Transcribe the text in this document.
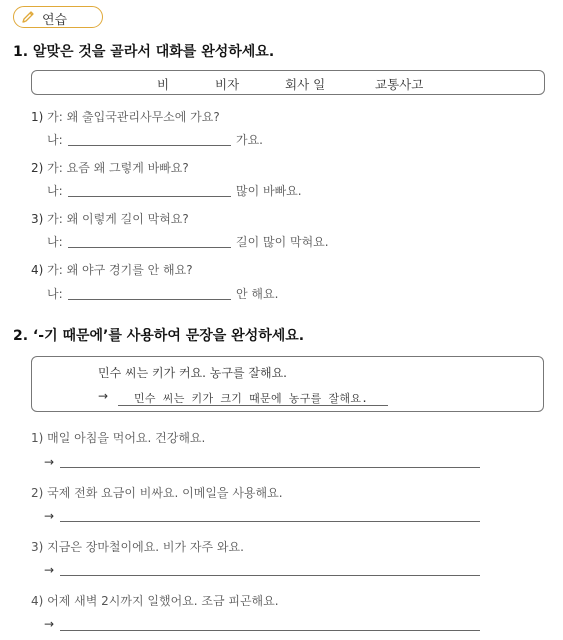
연습
1. 알맞은 것을 골라서 대화를 완성하세요.
비	비자	회사 일	교통사고
1) 가: 왜 출입국관리사무소에 가요?
나:	가요.
2) 가: 요즘 왜 그렇게 바빠요?
나:	많이 바빠요.
3) 가: 왜 이렇게 길이 막혀요?
나:	길이 많이 막혀요.
4) 가: 왜 야구 경기를 안 해요?
나:	안 해요.
2. ‘-기 때문에’를 사용하여 문장을 완성하세요.
민수 씨는 키가 커요. 농구를 잘해요.
→ 민수 씨는 키가 크기 때문에 농구를 잘해요.
1) 매일 아침을 먹어요. 건강해요.
→
2) 국제 전화 요금이 비싸요. 이메일을 사용해요.
→
3) 지금은 장마철이에요. 비가 자주 와요.
→
4) 어제 새벽 2시까지 일했어요. 조금 피곤해요.
→
